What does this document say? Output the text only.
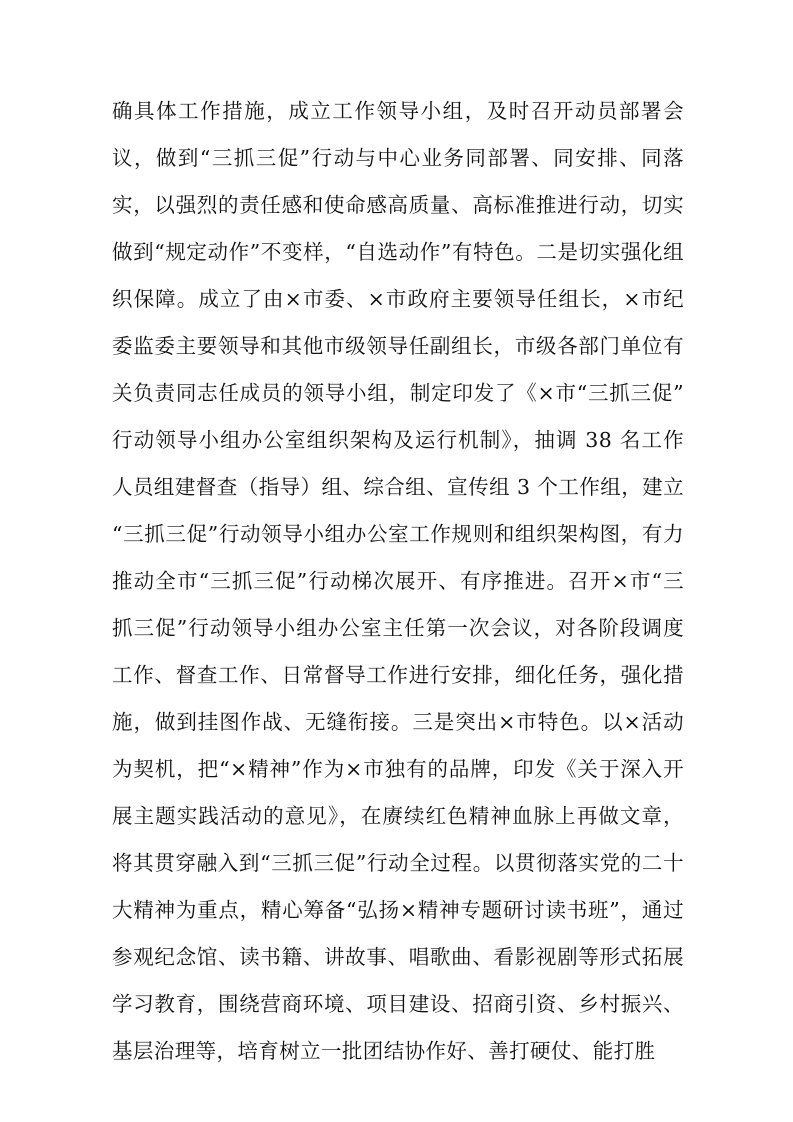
确具体工作措施，成立工作领导小组，及时召开动员部署会议，做到“三抓三促”行动与中心业务同部署、同安排、同落实，以强烈的责任感和使命感高质量、高标准推进行动，切实做到“规定动作”不变样，“自选动作”有特色。二是切实强化组织保障。成立了由×市委、×市政府主要领导任组长，×市纪委监委主要领导和其他市级领导任副组长，市级各部门单位有关负责同志任成员的领导小组，制定印发了《×市“三抓三促”行动领导小组办公室组织架构及运行机制》，抽调 38 名工作人员组建督查（指导）组、综合组、宣传组 3 个工作组，建立“三抓三促”行动领导小组办公室工作规则和组织架构图，有力推动全市“三抓三促”行动梯次展开、有序推进。召开×市“三抓三促”行动领导小组办公室主任第一次会议，对各阶段调度工作、督查工作、日常督导工作进行安排，细化任务，强化措施，做到挂图作战、无缝衔接。三是突出×市特色。以×活动为契机，把“×精神”作为×市独有的品牌，印发《关于深入开展主题实践活动的意见》，在赓续红色精神血脉上再做文章，将其贯穿融入到“三抓三促”行动全过程。以贯彻落实党的二十大精神为重点，精心筹备“弘扬×精神专题研讨读书班”，通过参观纪念馆、读书籍、讲故事、唱歌曲、看影视剧等形式拓展学习教育，围绕营商环境、项目建设、招商引资、乡村振兴、基层治理等，培育树立一批团结协作好、善打硬仗、能打胜
